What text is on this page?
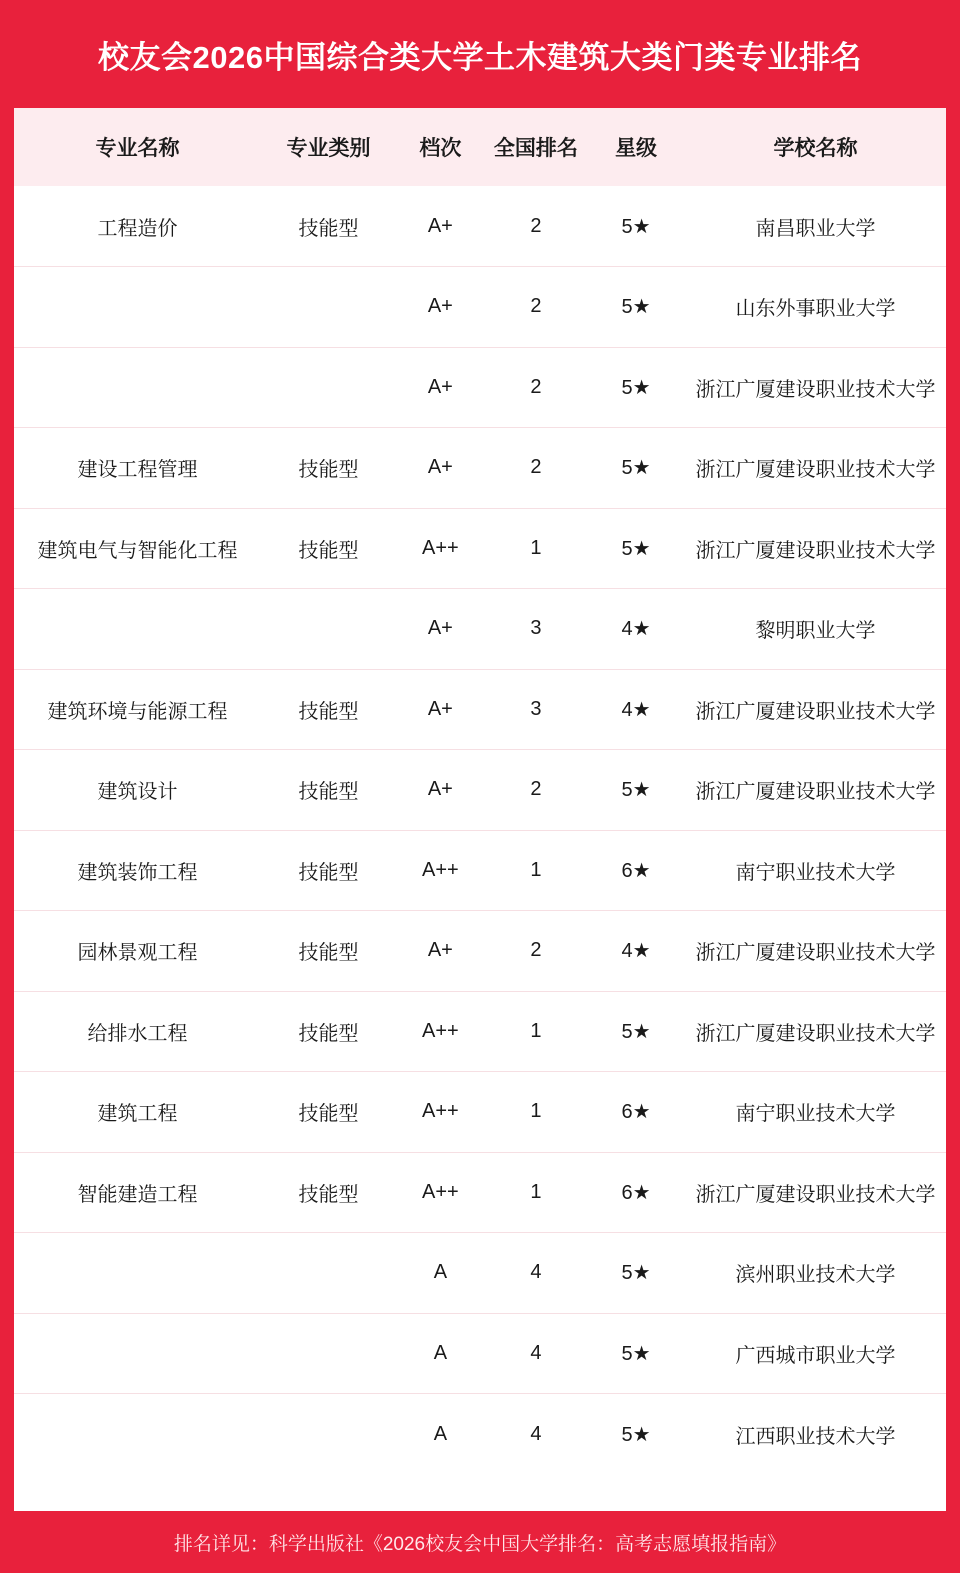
校友会2026中国综合类大学土木建筑大类门类专业排名
专业名称	专业类别	档次	全国排名	星级	学校名称
工程造价	技能型	A+	2	5★	南昌职业大学
		A+	2	5★	山东外事职业大学
		A+	2	5★	浙江广厦建设职业技术大学
建设工程管理	技能型	A+	2	5★	浙江广厦建设职业技术大学
建筑电气与智能化工程	技能型	A++	1	5★	浙江广厦建设职业技术大学
		A+	3	4★	黎明职业大学
建筑环境与能源工程	技能型	A+	3	4★	浙江广厦建设职业技术大学
建筑设计	技能型	A+	2	5★	浙江广厦建设职业技术大学
建筑装饰工程	技能型	A++	1	6★	南宁职业技术大学
园林景观工程	技能型	A+	2	4★	浙江广厦建设职业技术大学
给排水工程	技能型	A++	1	5★	浙江广厦建设职业技术大学
建筑工程	技能型	A++	1	6★	南宁职业技术大学
智能建造工程	技能型	A++	1	6★	浙江广厦建设职业技术大学
		A	4	5★	滨州职业技术大学
		A	4	5★	广西城市职业大学
		A	4	5★	江西职业技术大学
排名详见：科学出版社《2026校友会中国大学排名：高考志愿填报指南》
